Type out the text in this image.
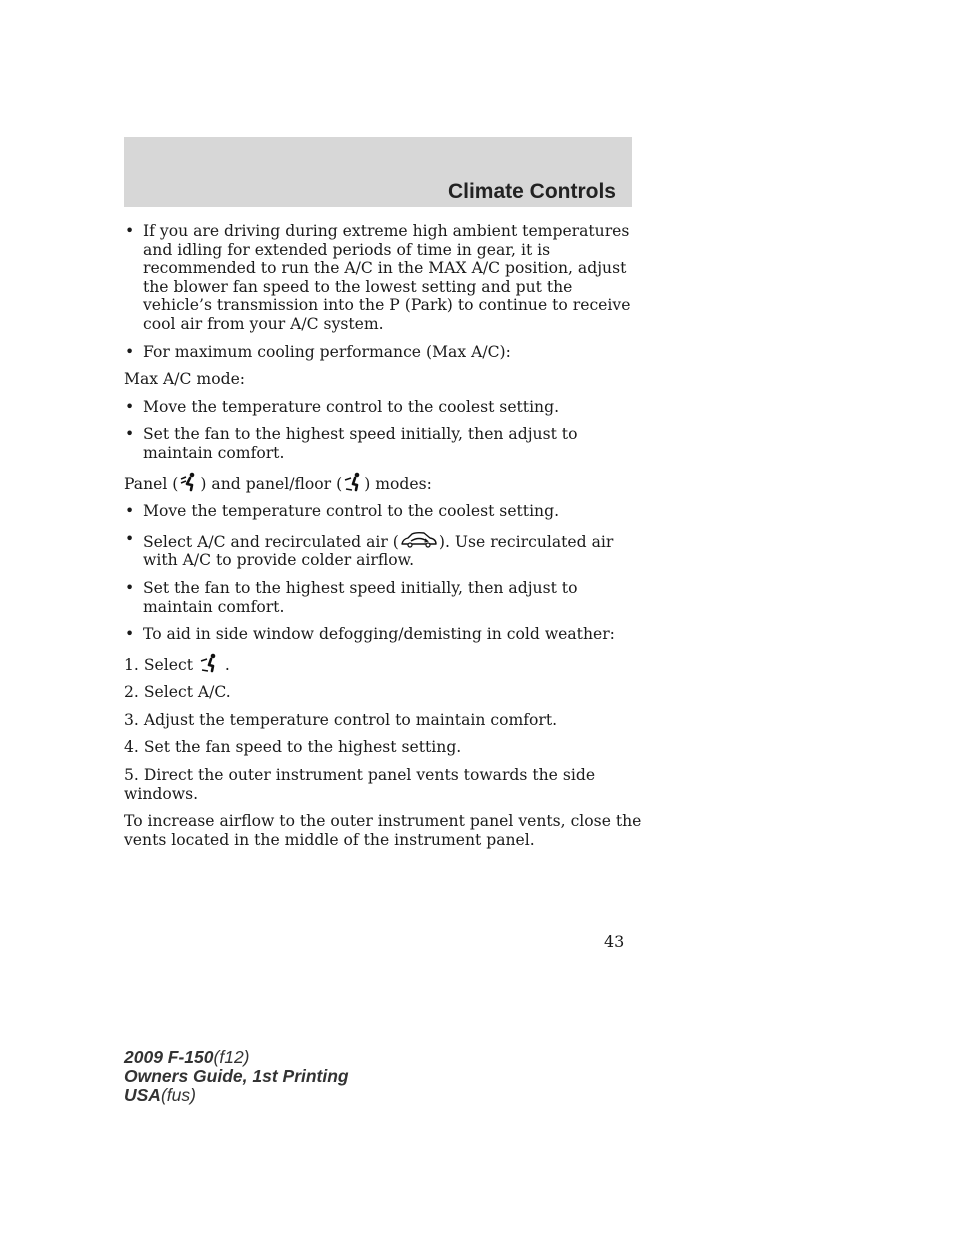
Climate Controls
• If you are driving during extreme high ambient temperatures and idling for extended periods of time in gear, it is recommended to run the A/C in the MAX A/C position, adjust the blower fan speed to the lowest setting and put the vehicle’s transmission into the P (Park) to continue to receive cool air from your A/C system.
• For maximum cooling performance (Max A/C):
Max A/C mode:
• Move the temperature control to the coolest setting.
• Set the fan to the highest speed initially, then adjust to maintain comfort.
Panel ( ) and panel/floor ( ) modes:
• Move the temperature control to the coolest setting.
• Select A/C and recirculated air (	). Use recirculated air with A/C to provide colder airflow.
• Set the fan to the highest speed initially, then adjust to maintain comfort.
• To aid in side window defogging/demisting in cold weather:
1. Select .
2. Select A/C.
3. Adjust the temperature control to maintain comfort.
4. Set the fan speed to the highest setting.
5. Direct the outer instrument panel vents towards the side windows.
To increase airflow to the outer instrument panel vents, close the vents located in the middle of the instrument panel.
43
2009 F-150(f12)
Owners Guide, 1st Printing
USA(fus)
